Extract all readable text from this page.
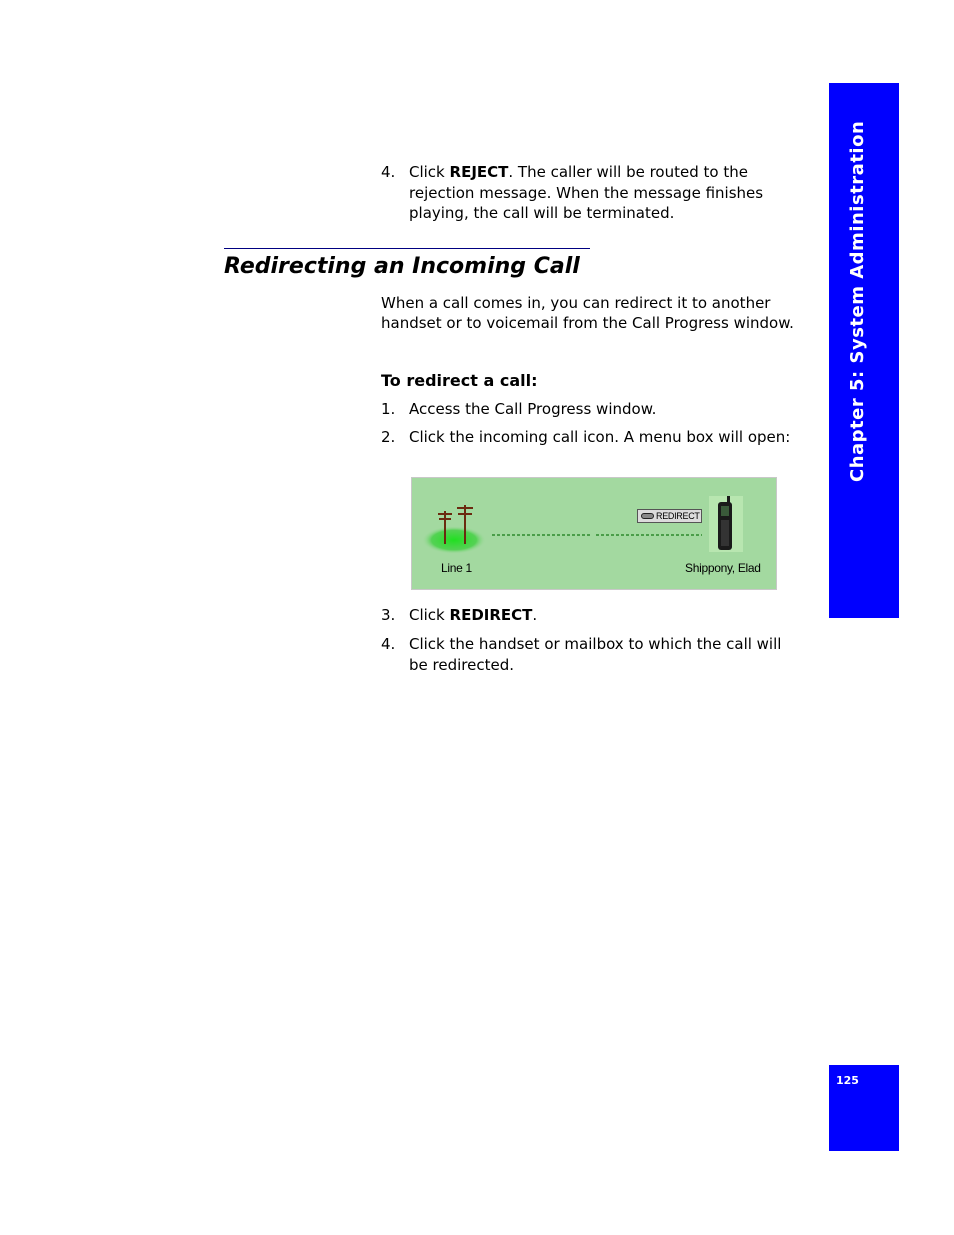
Chapter 5: System Administration
4. Click REJECT. The caller will be routed to the rejection message. When the message finishes playing, the call will be terminated.
Redirecting an Incoming Call
When a call comes in, you can redirect it to another handset or to voicemail from the Call Progress window.
To redirect a call:
1. Access the Call Progress window.
2. Click the incoming call icon. A menu box will open:
REDIRECT
Line 1	Shippony, Elad
3. Click REDIRECT.
4. Click the handset or mailbox to which the call will be redirected.
125
